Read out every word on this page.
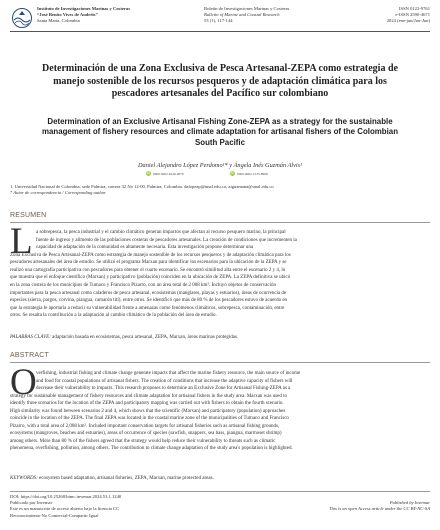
Instituto de Investigaciones Marinas y Costeras
“José Benito Vives de Andréis”
Santa Marta, Colombia
Boletín de Investigaciones Marinas y Costeras
Bulletin of Marine and Coastal Research
53 (1), 117-144
ISSN 0122-9761
e-ISSN 2590-4671
2024 (ene-jun/Jan-Jun)
Determinación de una Zona Exclusiva de Pesca Artesanal-ZEPA como estrategia de manejo sostenible de los recursos pesqueros y de adaptación climática para los pescadores artesanales del Pacífico sur colombiano
Determination of an Exclusive Artisanal Fishing Zone-ZEPA as a strategy for the sustainable management of fishery resources and climate adaptation for artisanal fishers of the Colombian South Pacific
Daniel Alejandro López Perdomo¹* y Ángela Inés Guzmán Alvis¹
iD 0000-0002-9129-2879	iD 0000-0002-1533-8968
1. Universidad Nacional de Colombia, sede Palmira, carrera 32 No 12-00, Palmira, Colombia. dalopezp@unal.edu.co, aiguzmana@unal.edu.co
* Autor de correspondencia / Corresponding author
RESUMEN
L a sobrepesca, la pesca industrial y el cambio climático generan impactos que afectan al recurso pesquero marino, la principal
fuente de ingreso y alimento de las poblaciones costeras de pescadores artesanales. La creación de condiciones que incrementen la
capacidad de adaptación de la comunidad es altamente necesaria. Esta investigación propone determinar una
Zona Exclusiva de Pesca Artesanal-ZEPA como estrategia de manejo sostenible de los recursos pesqueros y de adaptación climática para los
pescadores artesanales del área de estudio. Se utilizó el programa Marxan para identificar los escenarios para la ubicación de la ZEPA y se
realizó una cartografía participativa con pescadores para obtener el cuarto escenario. Se encontró similitud alta entre el escenario 2 y 4, lo
que muestra que el enfoque científico (Marxan) y participativo (población) coinciden en la ubicación de ZEPA. La ZEPA definitiva se ubicó
en la zona costera de los municipios de Tumaco y Francisco Pizarro, con un área total de 2 008 km². Incluyó objetos de conservación
importantes para la pesca artesanal como caladeros de pesca artesanal, ecosistemas (manglares, playas y estuarios), áreas de ocurrencia de
especies (sierra, pargos, corvina, piangua, camarón tití), entre otros. Se identificó que más de 80 % de los pescadores estuvo de acuerdo en
que la estrategia le aportaría a reducir su vulnerabilidad frente a amenazas como fenómenos climáticos, sobrepesca, contaminación, entre
otros. Se resalta la contribución a la adaptación al cambio climático de la población del área de estudio.
PALABRAS CLAVE: adaptación basada en ecosistemas, pesca artesanal, ZEPA, Marxan, áreas marinas protegidas.
ABSTRACT
O verfishing, industrial fishing and climate change generate impacts that affect the marine fishery resource, the main source of income
and food for coastal populations of artisanal fishers. The creation of conditions that increase the adaptive capacity of fishers will
decrease their vulnerability to impacts. This research proposes to determine an Exclusive Zone for Artisanal Fishing-ZEPA as a
strategy for sustainable management of fishery resources and climate adaptation for artisanal fishers in the study area. Marxan was used to
identify three scenarios for the location of the ZEPA and participatory mapping was carried out with fishers to obtain the fourth scenario.
High similarity was found between scenarios 2 and 4, which shows that the scientific (Marxan) and participatory (population) approaches
coincide in the location of the ZEPA. The final ZEPA was located in the coastal marine zone of the municipalities of Tumaco and Francisco
Pizarro, with a total area of 2,008 km². Included important conservation targets for artisanal fisheries such as artisanal fishing grounds,
ecosystems (mangroves, beaches and estuaries), areas of occurrence of species (sawfish, snappers, sea bass, piangua, marmoset shrimp)
among others. More than 80 % of the fishers agreed that the strategy would help reduce their vulnerability to threats such as climatic
phenomena, overfishing, pollution, among others. The contribution to climate change adaptation of the study area's population is highlighted.
KEYWORDS: ecosystem based adaptation, artisanal fisheries, ZEPA, Marxan, marine protected areas.
DOI: https://doi.org/10.25268/bimc.invemar.2024.53.1.1240
Publicado por Invemar
Este es un manuscrito de acceso abierto bajo la licencia CC
Reconocimiento-No Comercial-Compartir Igual
Published by Invemar
This is an open Access article under the CC BY-NC-SA
